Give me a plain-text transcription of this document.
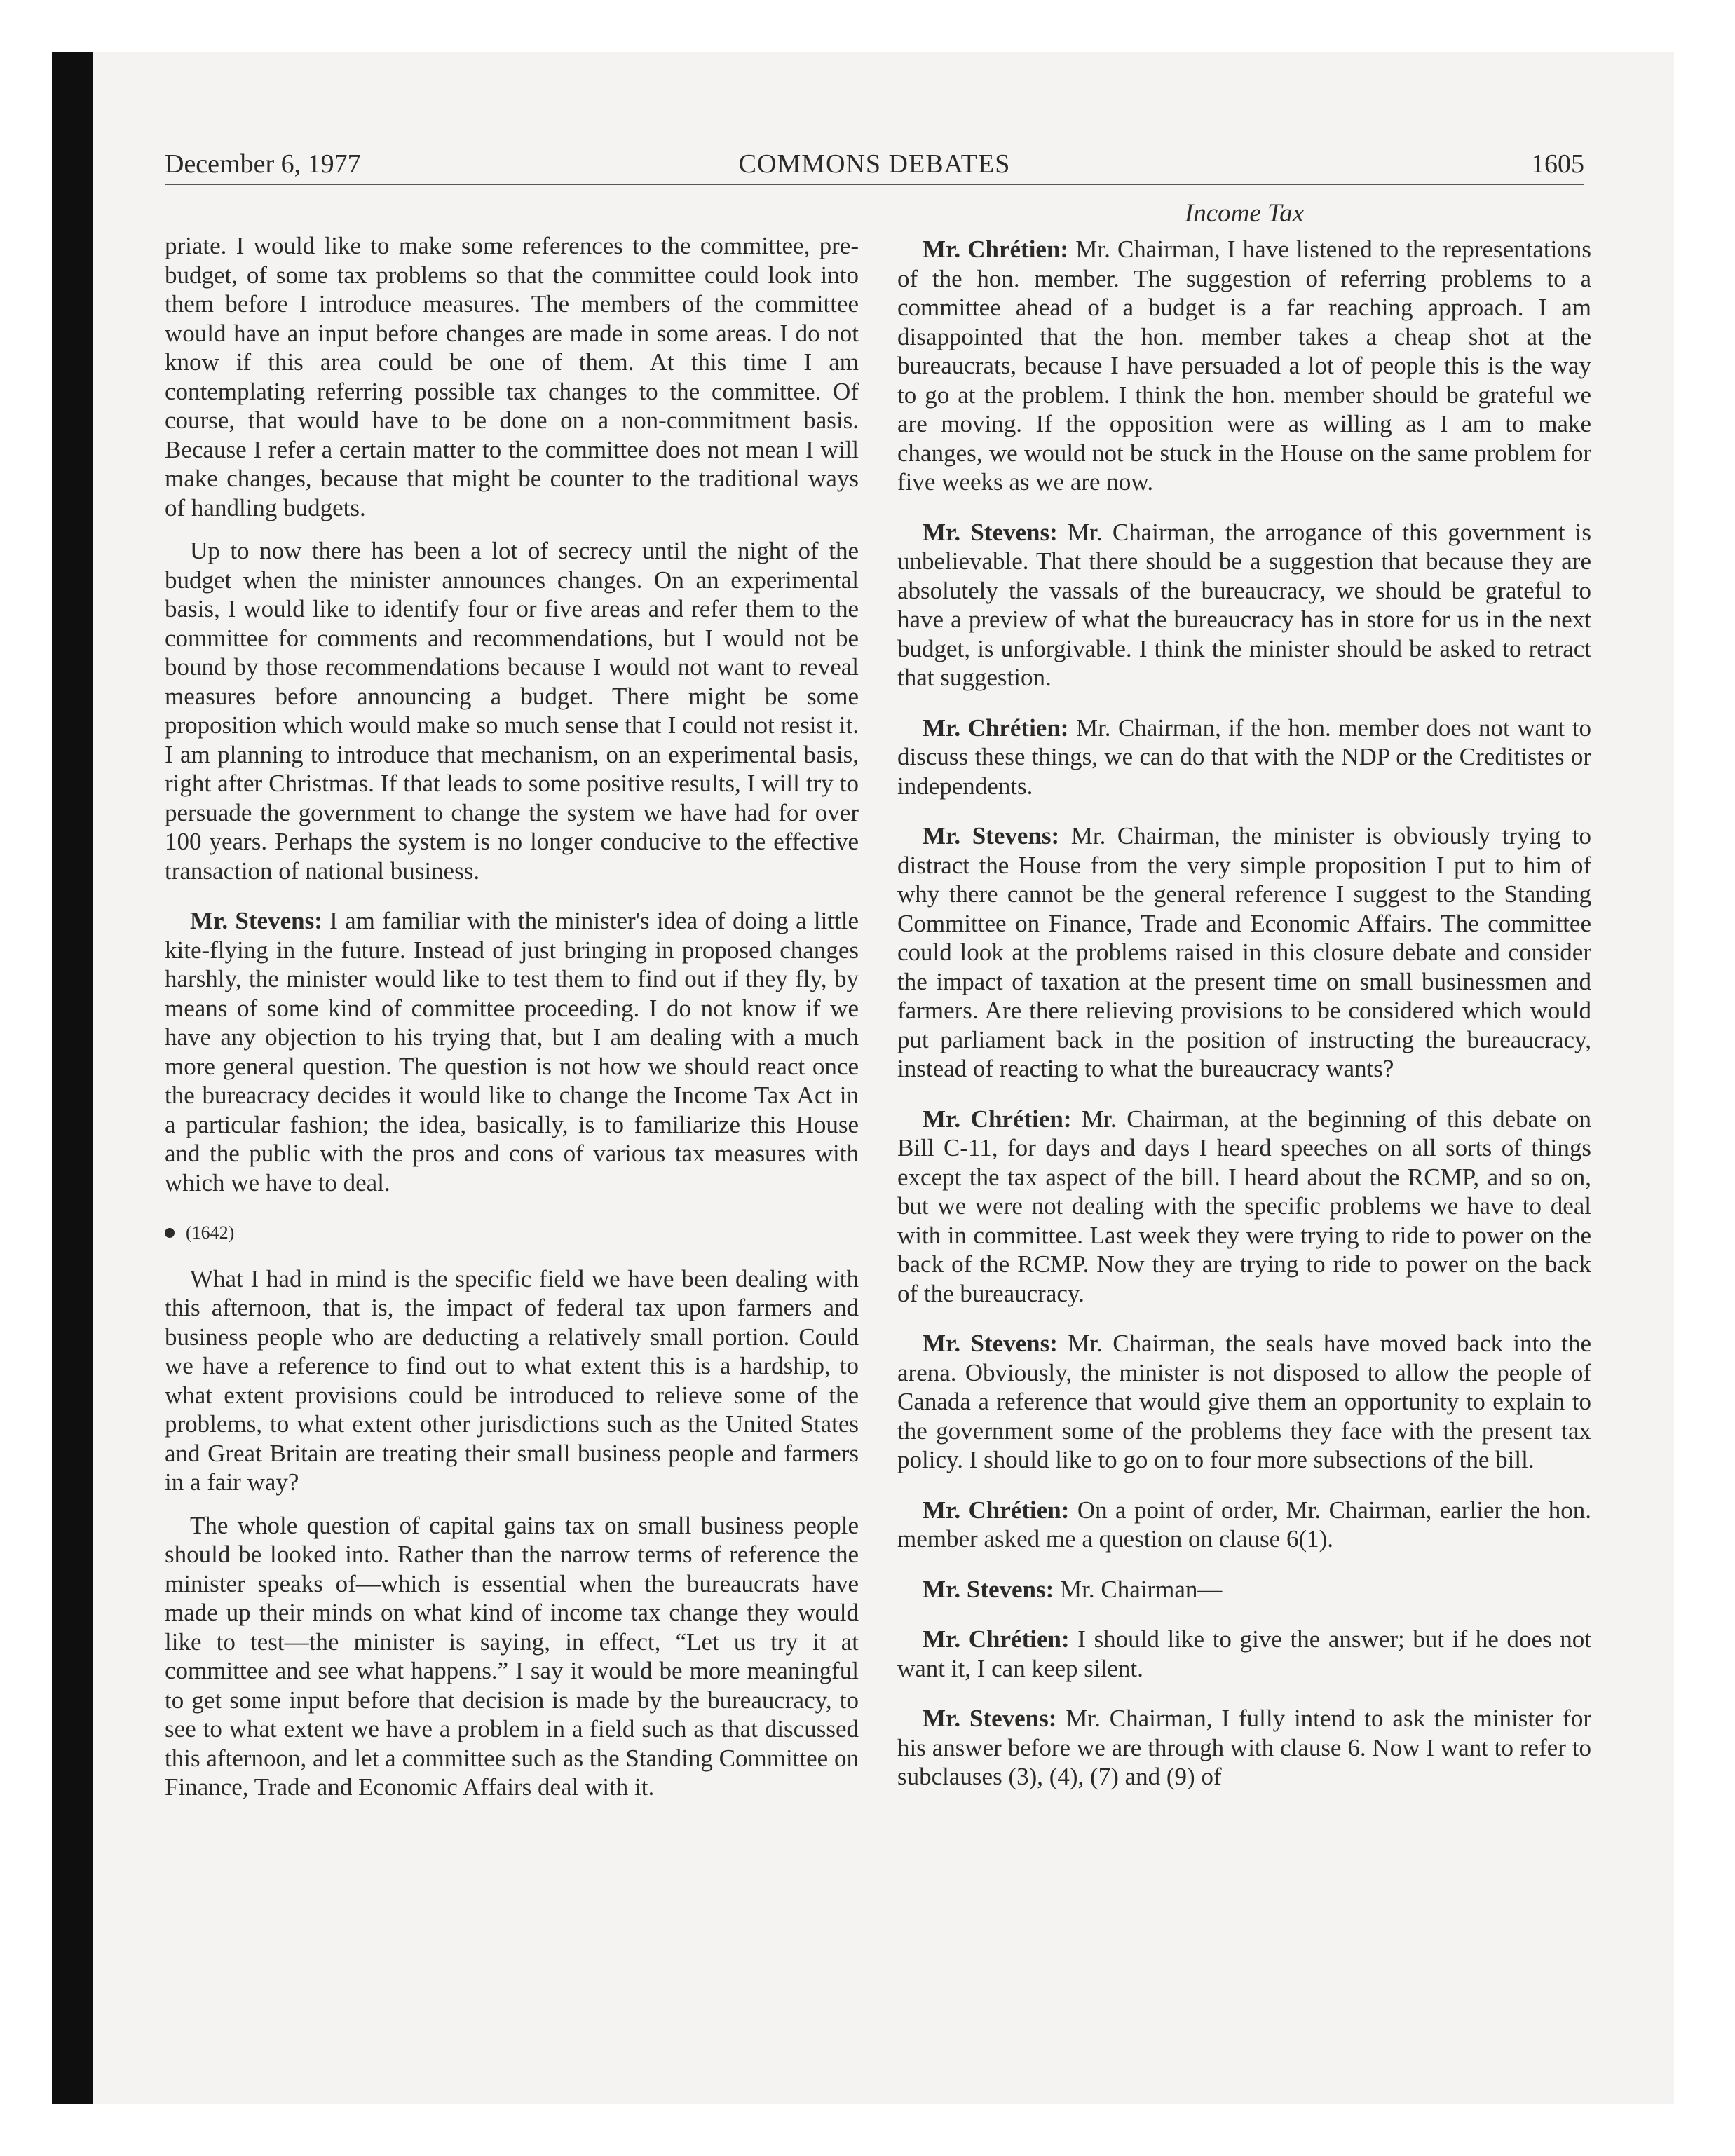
December 6, 1977	COMMONS DEBATES	1605

priate. I would like to make some references to the committee, pre-budget, of some tax problems so that the committee could look into them before I introduce measures. The members of the committee would have an input before changes are made in some areas. I do not know if this area could be one of them. At this time I am contemplating referring possible tax changes to the committee. Of course, that would have to be done on a non-commitment basis. Because I refer a certain matter to the committee does not mean I will make changes, because that might be counter to the traditional ways of handling budgets.

Up to now there has been a lot of secrecy until the night of the budget when the minister announces changes. On an experimental basis, I would like to identify four or five areas and refer them to the committee for comments and recommendations, but I would not be bound by those recommendations because I would not want to reveal measures before announcing a budget. There might be some proposition which would make so much sense that I could not resist it. I am planning to introduce that mechanism, on an experimental basis, right after Christmas. If that leads to some positive results, I will try to persuade the government to change the system we have had for over 100 years. Perhaps the system is no longer conducive to the effective transaction of national business.

Mr. Stevens: I am familiar with the minister's idea of doing a little kite-flying in the future. Instead of just bringing in proposed changes harshly, the minister would like to test them to find out if they fly, by means of some kind of committee proceeding. I do not know if we have any objection to his trying that, but I am dealing with a much more general question. The question is not how we should react once the bureacracy decides it would like to change the Income Tax Act in a particular fashion; the idea, basically, is to familiarize this House and the public with the pros and cons of various tax measures with which we have to deal.

(1642)

What I had in mind is the specific field we have been dealing with this afternoon, that is, the impact of federal tax upon farmers and business people who are deducting a relatively small portion. Could we have a reference to find out to what extent this is a hardship, to what extent provisions could be introduced to relieve some of the problems, to what extent other jurisdictions such as the United States and Great Britain are treating their small business people and farmers in a fair way?

The whole question of capital gains tax on small business people should be looked into. Rather than the narrow terms of reference the minister speaks of—which is essential when the bureaucrats have made up their minds on what kind of income tax change they would like to test—the minister is saying, in effect, “Let us try it at committee and see what happens.” I say it would be more meaningful to get some input before that decision is made by the bureaucracy, to see to what extent we have a problem in a field such as that discussed this afternoon, and let a committee such as the Standing Committee on Finance, Trade and Economic Affairs deal with it.

Income Tax

Mr. Chrétien: Mr. Chairman, I have listened to the representations of the hon. member. The suggestion of referring problems to a committee ahead of a budget is a far reaching approach. I am disappointed that the hon. member takes a cheap shot at the bureaucrats, because I have persuaded a lot of people this is the way to go at the problem. I think the hon. member should be grateful we are moving. If the opposition were as willing as I am to make changes, we would not be stuck in the House on the same problem for five weeks as we are now.

Mr. Stevens: Mr. Chairman, the arrogance of this government is unbelievable. That there should be a suggestion that because they are absolutely the vassals of the bureaucracy, we should be grateful to have a preview of what the bureaucracy has in store for us in the next budget, is unforgivable. I think the minister should be asked to retract that suggestion.

Mr. Chrétien: Mr. Chairman, if the hon. member does not want to discuss these things, we can do that with the NDP or the Creditistes or independents.

Mr. Stevens: Mr. Chairman, the minister is obviously trying to distract the House from the very simple proposition I put to him of why there cannot be the general reference I suggest to the Standing Committee on Finance, Trade and Economic Affairs. The committee could look at the problems raised in this closure debate and consider the impact of taxation at the present time on small businessmen and farmers. Are there relieving provisions to be considered which would put parliament back in the position of instructing the bureaucracy, instead of reacting to what the bureaucracy wants?

Mr. Chrétien: Mr. Chairman, at the beginning of this debate on Bill C-11, for days and days I heard speeches on all sorts of things except the tax aspect of the bill. I heard about the RCMP, and so on, but we were not dealing with the specific problems we have to deal with in committee. Last week they were trying to ride to power on the back of the RCMP. Now they are trying to ride to power on the back of the bureaucracy.

Mr. Stevens: Mr. Chairman, the seals have moved back into the arena. Obviously, the minister is not disposed to allow the people of Canada a reference that would give them an opportunity to explain to the government some of the problems they face with the present tax policy. I should like to go on to four more subsections of the bill.

Mr. Chrétien: On a point of order, Mr. Chairman, earlier the hon. member asked me a question on clause 6(1).

Mr. Stevens: Mr. Chairman—

Mr. Chrétien: I should like to give the answer; but if he does not want it, I can keep silent.

Mr. Stevens: Mr. Chairman, I fully intend to ask the minister for his answer before we are through with clause 6. Now I want to refer to subclauses (3), (4), (7) and (9) of
